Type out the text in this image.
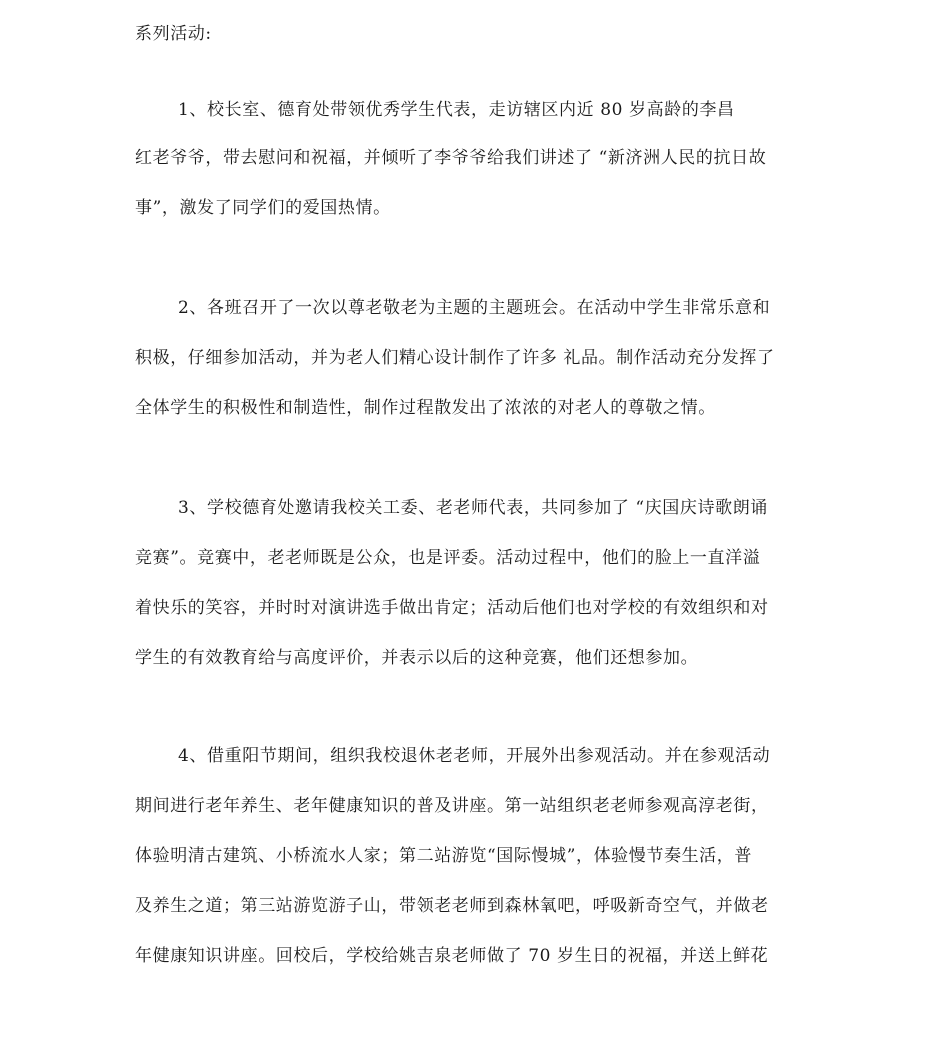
系列活动:
1、校长室、德育处带领优秀学生代表，走访辖区内近 80 岁高龄的李昌
红老爷爷，带去慰问和祝福，并倾听了李爷爷给我们讲述了 “新济洲人民的抗日故
事”，激发了同学们的爱国热情。
2、各班召开了一次以尊老敬老为主题的主题班会。在活动中学生非常乐意和
积极，仔细参加活动，并为老人们精心设计制作了许多 礼品。制作活动充分发挥了
全体学生的积极性和制造性，制作过程散发出了浓浓的对老人的尊敬之情。
3、学校德育处邀请我校关工委、老老师代表，共同参加了 “庆国庆诗歌朗诵
竞赛”。竞赛中，老老师既是公众，也是评委。活动过程中，他们的脸上一直洋溢
着快乐的笑容，并时时对演讲选手做出肯定；活动后他们也对学校的有效组织和对
学生的有效教育给与高度评价，并表示以后的这种竞赛，他们还想参加。
4、借重阳节期间，组织我校退休老老师，开展外出参观活动。并在参观活动
期间进行老年养生、老年健康知识的普及讲座。第一站组织老老师参观高淳老街，
体验明清古建筑、小桥流水人家；第二站游览“国际慢城”，体验慢节奏生活，普
及养生之道；第三站游览游子山，带领老老师到森林氧吧，呼吸新奇空气，并做老
年健康知识讲座。回校后，学校给姚吉泉老师做了 70 岁生日的祝福，并送上鲜花
